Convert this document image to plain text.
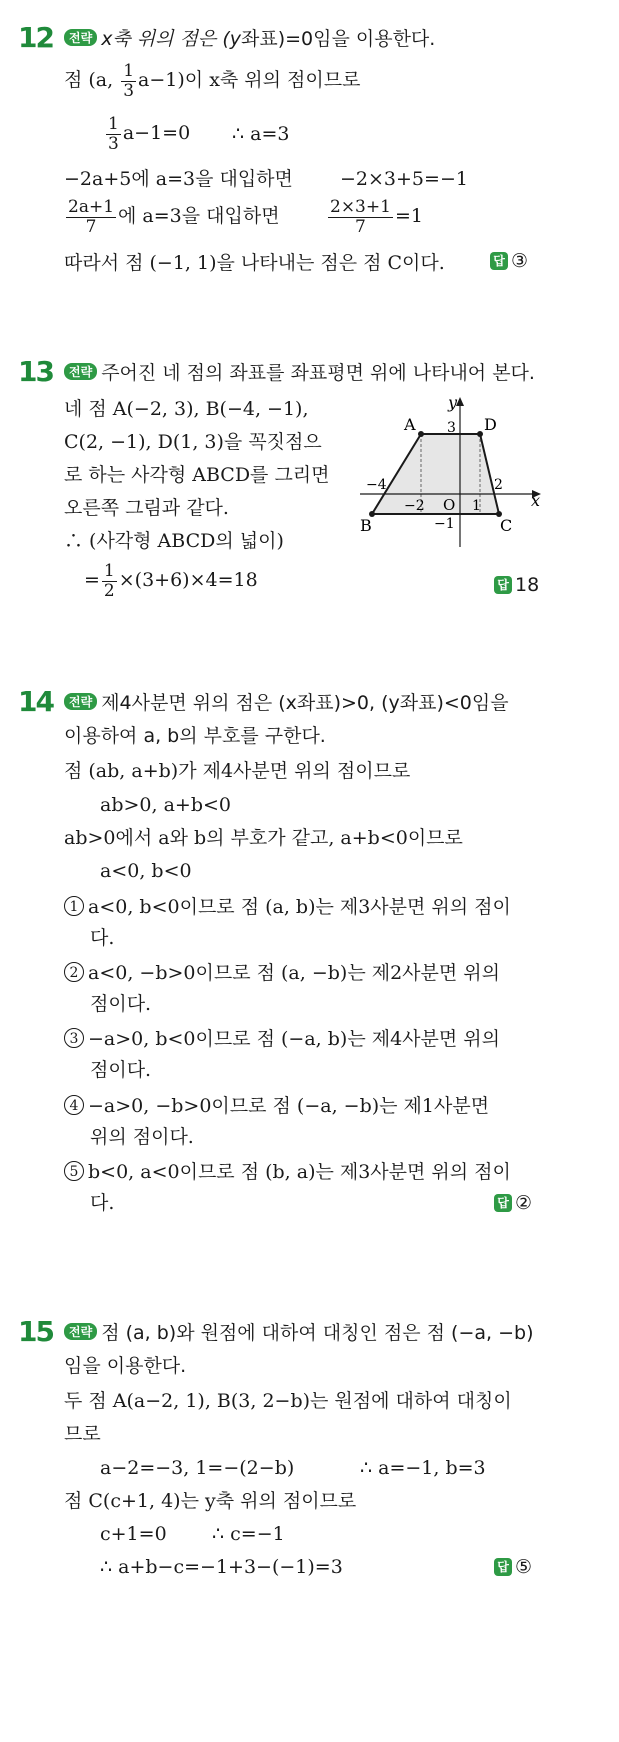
12	전략 x축 위의 점은 (y좌표)=0임을 이용한다.
점 (a, $\frac{1}{3} a-1$)이 x축 위의 점이므로
$\frac{1}{3} a-1=0$ ∴ a=3
−2a+5에 a=3을 대입하면 −2×3+5=−1
$\frac{2a+1}{7}$ 에 a=3을 대입하면	$\frac{2\times 3+1}{7} =1$
따라서 점 (−1, 1)을 나타내는 점은 점 C이다.	답 ③
13	전략 주어진 네 점의 좌표를 좌표평면 위에 나타내어 본다.
네 점 A(−2, 3), B(−4, −1),
C(2, −1), D(1, 3)을 꼭짓점으
로 하는 사각형 ABCD를 그리면
오른쪽 그림과 같다.
∴ (사각형 ABCD의 넓이)
= $\frac{1}{2} \times(3+6)\times 4=18$	답 18
x
y
O
A
B	C
D
3
−4
−2	1
2
−1
14	전략 제4사분면 위의 점은 (x좌표)>0, (y좌표)<0임을
이용하여 a, b의 부호를 구한다.
점 (ab, a+b)가 제4사분면 위의 점이므로
ab>0, a+b<0
ab>0에서 a와 b의 부호가 같고, a+b<0이므로
a<0, b<0
1 a<0, b<0이므로 점 (a, b)는 제3사분면 위의 점이
다.
2 a<0, −b>0이므로 점 (a, −b)는 제2사분면 위의
점이다.
3 −a>0, b<0이므로 점 (−a, b)는 제4사분면 위의
점이다.
4 −a>0, −b>0이므로 점 (−a, −b)는 제1사분면
위의 점이다.
5 b<0, a<0이므로 점 (b, a)는 제3사분면 위의 점이
다.	답 ②
15	전략 점 (a, b)와 원점에 대하여 대칭인 점은 점 (−a, −b)
임을 이용한다.
두 점 A(a−2, 1), B(3, 2−b)는 원점에 대하여 대칭이
므로
a−2=−3, 1=−(2−b)	∴ a=−1, b=3
점 C(c+1, 4)는 y축 위의 점이므로
c+1=0 ∴ c=−1
∴ a+b−c=−1+3−(−1)=3	답 ⑤
